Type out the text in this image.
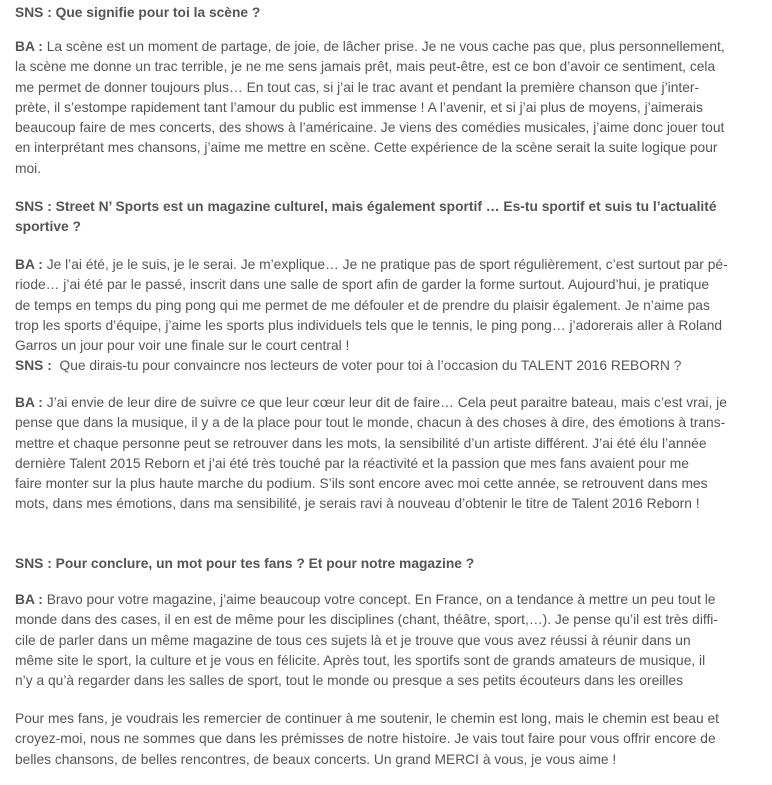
SNS : Que signifie pour toi la scène ?

BA : La scène est un moment de partage, de joie, de lâcher prise. Je ne vous cache pas que, plus personnellement,
la scène me donne un trac terrible, je ne me sens jamais prêt, mais peut-être, est ce bon d’avoir ce sentiment, cela
me permet de donner toujours plus… En tout cas, si j’ai le trac avant et pendant la première chanson que j’inter-
prète, il s’estompe rapidement tant l’amour du public est immense ! A l’avenir, et si j’ai plus de moyens, j’aimerais
beaucoup faire de mes concerts, des shows à l’américaine. Je viens des comédies musicales, j’aime donc jouer tout
en interprétant mes chansons, j’aime me mettre en scène. Cette expérience de la scène serait la suite logique pour
moi.
SNS : Street N’ Sports est un magazine culturel, mais également sportif … Es-tu sportif et suis tu l’actualité
sportive ?
BA : Je l’ai été, je le suis, je le serai. Je m’explique… Je ne pratique pas de sport régulièrement, c’est surtout par pé-
riode… j’ai été par le passé, inscrit dans une salle de sport afin de garder la forme surtout. Aujourd’hui, je pratique
de temps en temps du ping pong qui me permet de me défouler et de prendre du plaisir également. Je n’aime pas
trop les sports d’équipe, j’aime les sports plus individuels tels que le tennis, le ping pong… j’adorerais aller à Roland
Garros un jour pour voir une finale sur le court central !
SNS : Que dirais-tu pour convaincre nos lecteurs de voter pour toi à l’occasion du TALENT 2016 REBORN ?
BA : J’ai envie de leur dire de suivre ce que leur cœur leur dit de faire… Cela peut paraitre bateau, mais c’est vrai, je
pense que dans la musique, il y a de la place pour tout le monde, chacun à des choses à dire, des émotions à trans-
mettre et chaque personne peut se retrouver dans les mots, la sensibilité d’un artiste différent. J’ai été élu l’année
dernière Talent 2015 Reborn et j’ai été très touché par la réactivité et la passion que mes fans avaient pour me
faire monter sur la plus haute marche du podium. S’ils sont encore avec moi cette année, se retrouvent dans mes
mots, dans mes émotions, dans ma sensibilité, je serais ravi à nouveau d’obtenir le titre de Talent 2016 Reborn !
SNS : Pour conclure, un mot pour tes fans ? Et pour notre magazine ?
BA : Bravo pour votre magazine, j’aime beaucoup votre concept. En France, on a tendance à mettre un peu tout le
monde dans des cases, il en est de même pour les disciplines (chant, théâtre, sport,…). Je pense qu’il est très diffi-
cile de parler dans un même magazine de tous ces sujets là et je trouve que vous avez réussi à réunir dans un
même site le sport, la culture et je vous en félicite. Après tout, les sportifs sont de grands amateurs de musique, il
n’y a qu’à regarder dans les salles de sport, tout le monde ou presque a ses petits écouteurs dans les oreilles
Pour mes fans, je voudrais les remercier de continuer à me soutenir, le chemin est long, mais le chemin est beau et
croyez-moi, nous ne sommes que dans les prémisses de notre histoire. Je vais tout faire pour vous offrir encore de
belles chansons, de belles rencontres, de beaux concerts. Un grand MERCI à vous, je vous aime !
